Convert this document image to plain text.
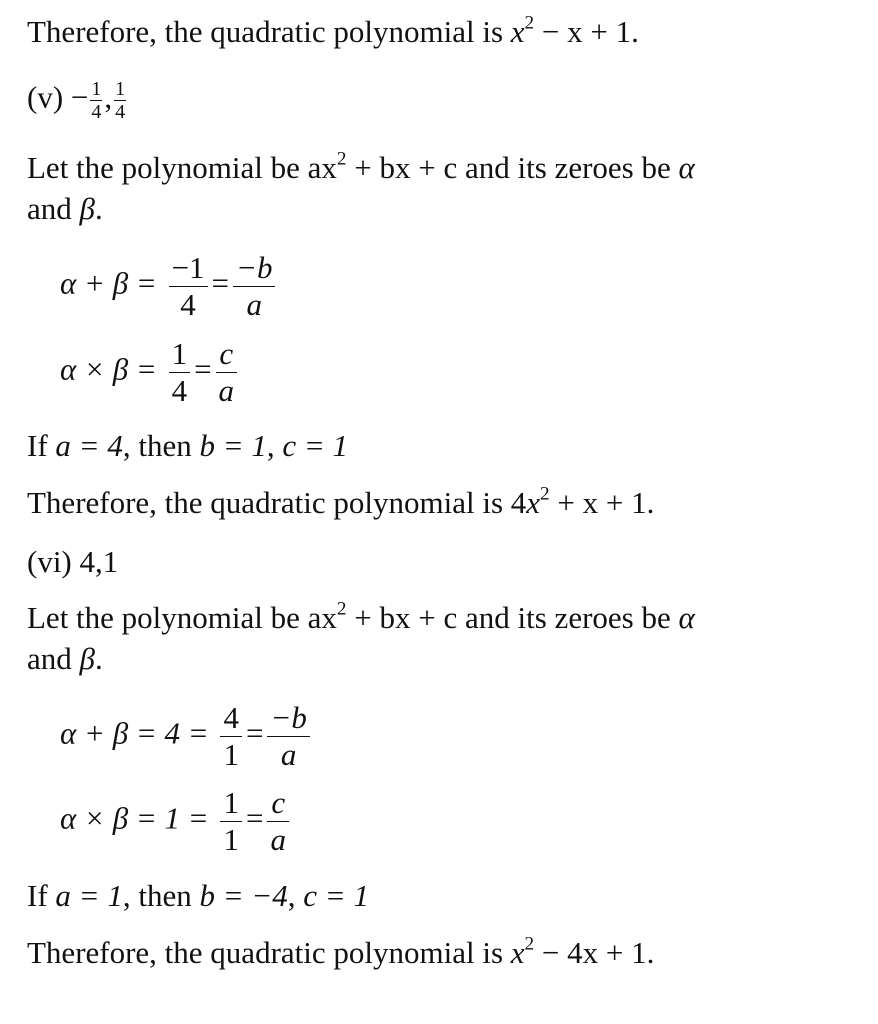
Therefore, the quadratic polynomial is $x^2 - x + 1$.
$(v) - \frac{1}{4}$ , $\frac{1}{4}$
Let the polynomial be $ax^2$ + bx + c and its zeroes be α
and β.
$\alpha + \beta = \frac{-1}{4} = \frac{-b}{a}$
$\alpha \times \beta = \frac{1}{4} = \frac{c}{a}$
If a = 4, then b = 1, c = 1
Therefore, the quadratic polynomial is $4x^2 + x + 1$.
(vi) 4,1
Let the polynomial be $ax^2$ + bx + c and its zeroes be α
and β.
$\alpha + \beta = 4 = \frac{4}{1} = \frac{-b}{a}$
$\alpha \times \beta = 1 = \frac{1}{1} = \frac{c}{a}$
If a = 1, then b = −4, c = 1
Therefore, the quadratic polynomial is $x^2 - 4x + 1$.
